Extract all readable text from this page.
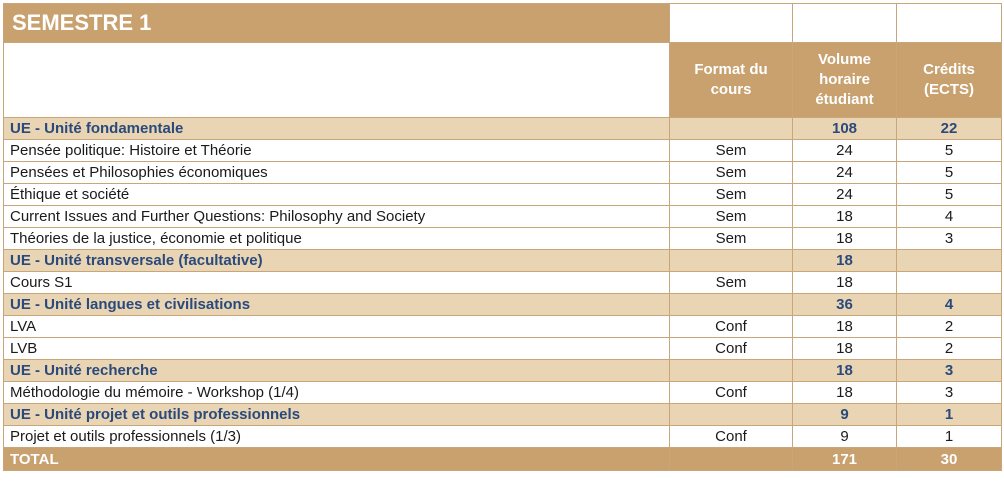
SEMESTRE 1			
	Format du cours	Volume horaire étudiant	Crédits (ECTS)
UE - Unité fondamentale		108	22
Pensée politique: Histoire et Théorie	Sem	24	5
Pensées et Philosophies économiques	Sem	24	5
Éthique et société	Sem	24	5
Current Issues and Further Questions: Philosophy and Society	Sem	18	4
Théories de la justice, économie et politique	Sem	18	3
UE - Unité transversale (facultative)		18	
Cours S1	Sem	18	
UE - Unité langues et civilisations		36	4
LVA	Conf	18	2
LVB	Conf	18	2
UE - Unité recherche		18	3
Méthodologie du mémoire - Workshop (1/4)	Conf	18	3
UE - Unité projet et outils professionnels		9	1
Projet et outils professionnels (1/3)	Conf	9	1
TOTAL		171	30
